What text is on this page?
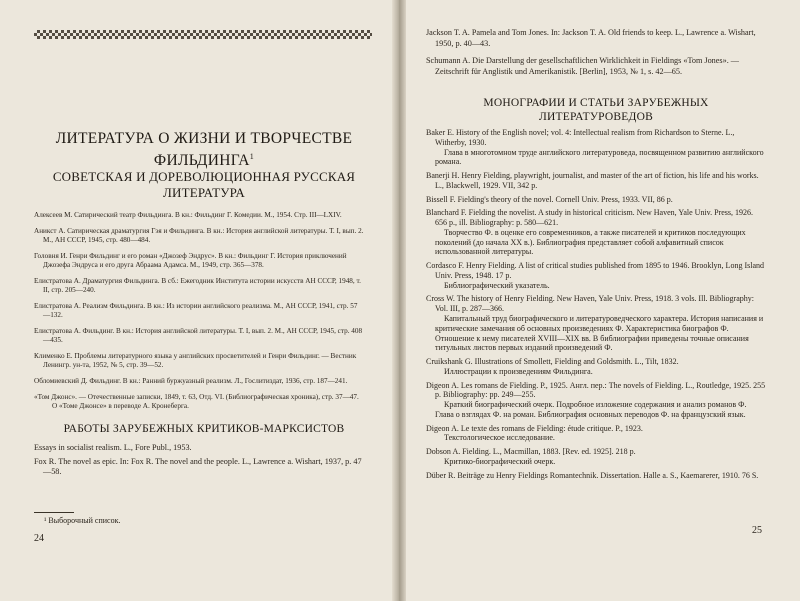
ЛИТЕРАТУРА О ЖИЗНИ И ТВОРЧЕСТВЕ ФИЛЬДИНГА$^1$
СОВЕТСКАЯ И ДОРЕВОЛЮЦИОННАЯ РУССКАЯ ЛИТЕРАТУРА
Алексеев М. Сатирический театр Фильдинга. В кн.: Фильдинг Г. Комедии. М., 1954. Стр. III—LXIV.
Аникст А. Сатирическая драматургия Гэя и Фильдинга. В кн.: История английской литературы. Т. I, вып. 2. М., АН СССР, 1945, стр. 480—484.
Головня И. Генри Фильдинг и его роман «Джозеф Эндрус». В кн.: Фильдинг Г. История приключений Джозефа Эндруса и его друга Абраама Адамса. М., 1949, стр. 365—378.
Елистратова А. Драматургия Фильдинга. В сб.: Ежегодник Института истории искусств АН СССР, 1948, т. II, стр. 205—240.
Елистратова А. Реализм Фильдинга. В кн.: Из истории английского реализма. М., АН СССР, 1941, стр. 57—132.
Елистратова А. Фильдинг. В кн.: История английской литературы. Т. I, вып. 2. М., АН СССР, 1945, стр. 408—435.
Клименко Е. Проблемы литературного языка у английских просветителей и Генри Фильдинг. — Вестник Ленингр. ун-та, 1952, № 5, стр. 39—52.
Обломиевский Д. Фильдинг. В кн.: Ранний буржуазный реализм. Л., Гослитиздат, 1936, стр. 187—241.
«Том Джонс». — Отечественные записки, 1849, т. 63, Отд. VI. (Библиографическая хроника), стр. 37—47.
О «Томе Джонсе» в переводе А. Кронеберга.
РАБОТЫ ЗАРУБЕЖНЫХ КРИТИКОВ-МАРКСИСТОВ
Essays in socialist realism. L., Fore Publ., 1953.
Fox R. The novel as epic. In: Fox R. The novel and the people. L., Lawrence a. Wishart, 1937, p. 47—58.
¹ Выборочный список.
24
Jackson T. A. Pamela and Tom Jones. In: Jackson T. A. Old friends to keep. L., Lawrence a. Wishart, 1950, p. 40—43.
Schumann A. Die Darstellung der gesellschaftlichen Wirklichkeit in Fieldings «Tom Jones». — Zeitschrift für Anglistik und Amerikanistik. [Berlin], 1953, № 1, s. 42—65.
МОНОГРАФИИ И СТАТЬИ ЗАРУБЕЖНЫХ ЛИТЕРАТУРОВЕДОВ
Baker E. History of the English novel; vol. 4: Intellectual realism from Richardson to Sterne. L., Witherby, 1930.
Глава в многотомном труде английского литературоведа, посвященном развитию английского романа.
Banerji H. Henry Fielding, playwright, journalist, and master of the art of fiction, his life and his works. L., Blackwell, 1929. VII, 342 p.
Bissell F. Fielding's theory of the novel. Cornell Univ. Press, 1933. VII, 86 p.
Blanchard F. Fielding the novelist. A study in historical criticism. New Haven, Yale Univ. Press, 1926. 656 p., ill. Bibliography: p. 580—621.
Творчество Ф. в оценке его современников, а также писателей и критиков последующих поколений (до начала XX в.). Библиография представляет собой алфавитный список использованной литературы.
Cordasco F. Henry Fielding. A list of critical studies published from 1895 to 1946. Brooklyn, Long Island Univ. Press, 1948. 17 p.
Библиографический указатель.
Cross W. The history of Henry Fielding. New Haven, Yale Univ. Press, 1918. 3 vols. Ill. Bibliography: Vol. III, p. 287—366.
Капитальный труд биографического и литературоведческого характера. История написания и критические замечания об основных произведениях Ф. Характеристика биографов Ф. Отношение к нему писателей XVIII—XIX вв. В библиографии приведены точные описания титульных листов первых изданий произведений Ф.
Cruikshank G. Illustrations of Smollett, Fielding and Goldsmith. L., Tilt, 1832.
Иллюстрации к произведениям Фильдинга.
Digeon A. Les romans de Fielding. P., 1925. Англ. пер.: The novels of Fielding. L., Routledge, 1925. 255 p. Bibliography: pp. 249—255.
Краткий биографический очерк. Подробное изложение содержания и анализ романов Ф. Глава о взглядах Ф. на роман. Библиография основных переводов Ф. на французский язык.
Digeon A. Le texte des romans de Fielding: étude critique. P., 1923.
Текстологическое исследование.
Dobson A. Fielding. L., Macmillan, 1883. [Rev. ed. 1925]. 218 p.
Критико-биографический очерк.
Düber R. Beiträge zu Henry Fieldings Romantechnik. Dissertation. Halle a. S., Kaemarerer, 1910. 76 S.
25
